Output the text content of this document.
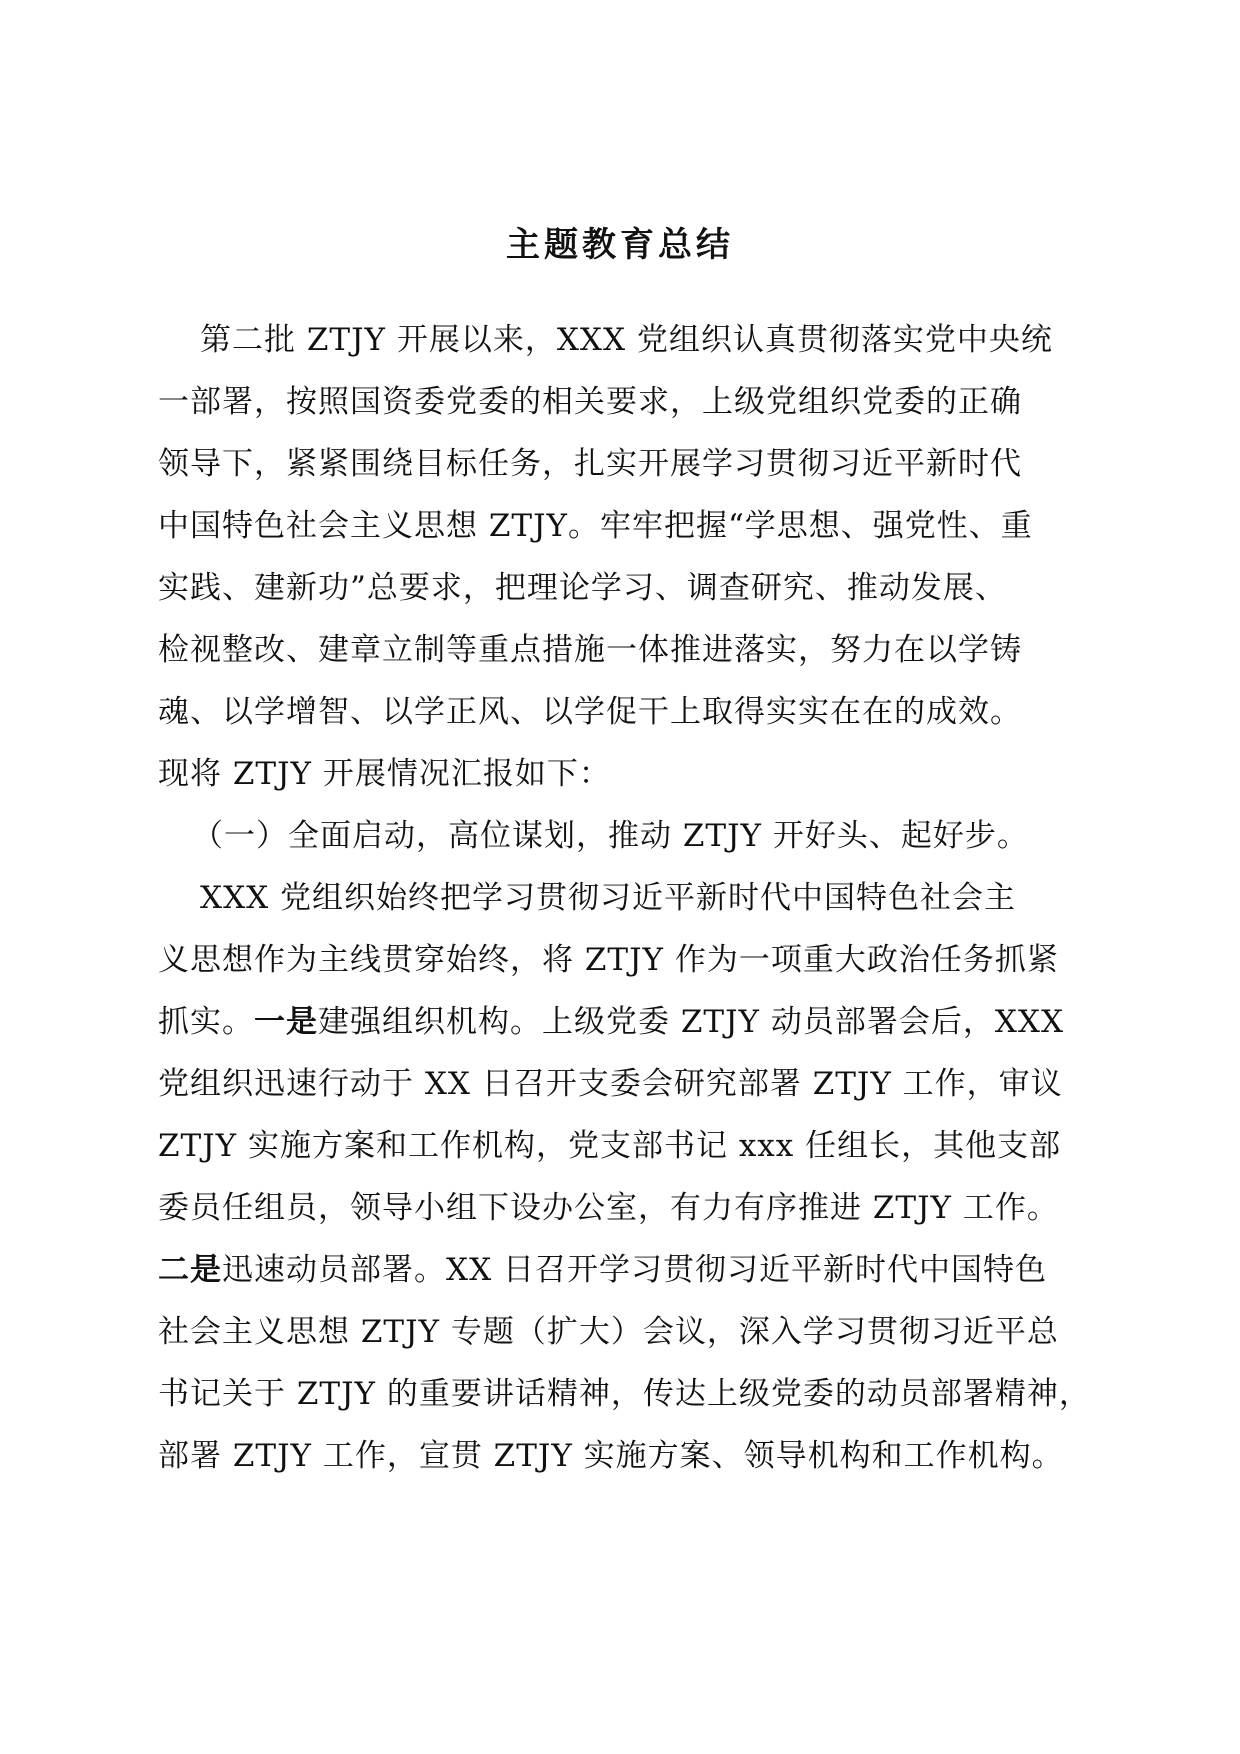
主题教育总结
第二批 ZTJY 开展以来，XXX 党组织认真贯彻落实党中央统
一部署，按照国资委党委的相关要求，上级党组织党委的正确
领导下，紧紧围绕目标任务，扎实开展学习贯彻习近平新时代
中国特色社会主义思想 ZTJY。牢牢把握“学思想、强党性、重
实践、建新功”总要求，把理论学习、调查研究、推动发展、
检视整改、建章立制等重点措施一体推进落实，努力在以学铸
魂、以学增智、以学正风、以学促干上取得实实在在的成效。
现将 ZTJY 开展情况汇报如下：
（一）全面启动，高位谋划，推动 ZTJY 开好头、起好步。
XXX 党组织始终把学习贯彻习近平新时代中国特色社会主
义思想作为主线贯穿始终，将 ZTJY 作为一项重大政治任务抓紧
抓实。一是建强组织机构。上级党委 ZTJY 动员部署会后，XXX
党组织迅速行动于 XX 日召开支委会研究部署 ZTJY 工作，审议
ZTJY 实施方案和工作机构，党支部书记 xxx 任组长，其他支部
委员任组员，领导小组下设办公室，有力有序推进 ZTJY 工作。
二是迅速动员部署。XX 日召开学习贯彻习近平新时代中国特色
社会主义思想 ZTJY 专题（扩大）会议，深入学习贯彻习近平总
书记关于 ZTJY 的重要讲话精神，传达上级党委的动员部署精神，
部署 ZTJY 工作，宣贯 ZTJY 实施方案、领导机构和工作机构。
